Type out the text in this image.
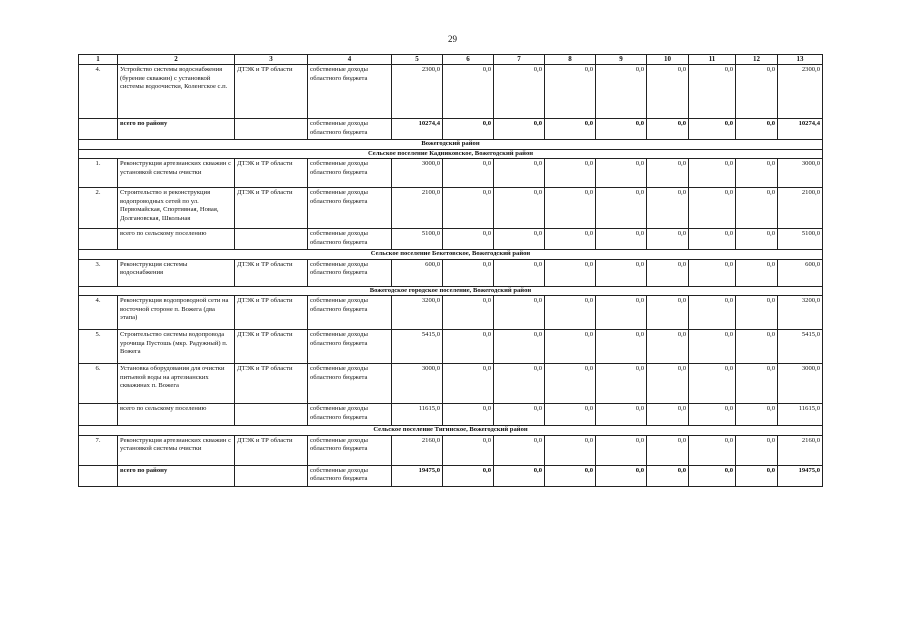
29
1	2	3	4	5	6	7	8	9	10	11	12	13
4.	Устройство системы водоснабжения (бурение скважин) с установкой системы водоочистки, Коленгское с.п.	ДТЭК и ТР области	собственные доходы областного бюджета	2300,0	0,0	0,0	0,0	0,0	0,0	0,0	0,0	2300,0
	всего по району		собственные доходы областного бюджета	10274,4	0,0	0,0	0,0	0,0	0,0	0,0	0,0	10274,4
Вожегодский район												
Сельское поселение Кадниковское, Вожегодский район												
1.	Реконструкция артезианских скважин с установкой системы очистки	ДТЭК и ТР области	собственные доходы областного бюджета	3000,0	0,0	0,0	0,0	0,0	0,0	0,0	0,0	3000,0
2.	Строительство и реконструкция водопроводных сетей по ул. Первомайская, Спортивная, Новая, Долгановская, Школьная	ДТЭК и ТР области	собственные доходы областного бюджета	2100,0	0,0	0,0	0,0	0,0	0,0	0,0	0,0	2100,0
	всего по сельскому поселению		собственные доходы областного бюджета	5100,0	0,0	0,0	0,0	0,0	0,0	0,0	0,0	5100,0
Сельское поселение Бекетовское, Вожегодский район												
3.	Реконструкция системы водоснабжения	ДТЭК и ТР области	собственные доходы областного бюджета	600,0	0,0	0,0	0,0	0,0	0,0	0,0	0,0	600,0
Вожегодское городское поселение, Вожегодский район												
4.	Реконструкция водопроводной сети на восточной стороне п. Вожега (два этапа)	ДТЭК и ТР области	собственные доходы областного бюджета	3200,0	0,0	0,0	0,0	0,0	0,0	0,0	0,0	3200,0
5.	Строительство системы водопровода урочища Пустошь (мкр. Радужный) п. Вожега	ДТЭК и ТР области	собственные доходы областного бюджета	5415,0	0,0	0,0	0,0	0,0	0,0	0,0	0,0	5415,0
6.	Установка оборудования для очистки питьевой воды на артезианских скважинах п. Вожега	ДТЭК и ТР области	собственные доходы областного бюджета	3000,0	0,0	0,0	0,0	0,0	0,0	0,0	0,0	3000,0
	всего по сельскому поселению		собственные доходы областного бюджета	11615,0	0,0	0,0	0,0	0,0	0,0	0,0	0,0	11615,0
Сельское поселение Тигинское, Вожегодский район												
7.	Реконструкция артезианских скважин с установкой системы очистки	ДТЭК и ТР области	собственные доходы областного бюджета	2160,0	0,0	0,0	0,0	0,0	0,0	0,0	0,0	2160,0
	всего по району		собственные доходы областного бюджета	19475,0	0,0	0,0	0,0	0,0	0,0	0,0	0,0	19475,0
